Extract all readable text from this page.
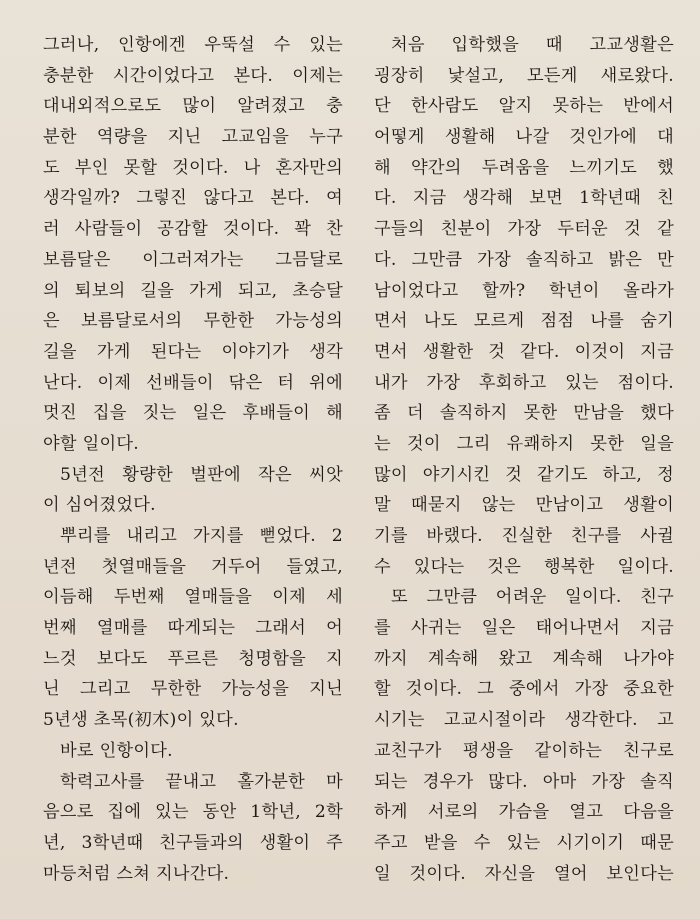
그러나, 인항에겐 우뚝설 수 있는
충분한 시간이었다고 본다. 이제는
대내외적으로도 많이 알려졌고 충
분한 역량을 지닌 고교임을 누구
도 부인 못할 것이다. 나 혼자만의
생각일까? 그렇진 않다고 본다. 여
러 사람들이 공감할 것이다. 꽉 찬
보름달은 이그러져가는 그믐달로
의 퇴보의 길을 가게 되고, 초승달
은 보름달로서의 무한한 가능성의
길을 가게 된다는 이야기가 생각
난다. 이제 선배들이 닦은 터 위에
멋진 집을 짓는 일은 후배들이 해
야할 일이다.
5년전 황량한 벌판에 작은 씨앗
이 심어졌었다.
뿌리를 내리고 가지를 뻗었다. 2
년전 첫열매들을 거두어 들였고,
이듬해 두번째 열매들을 이제 세
번째 열매를 따게되는 그래서 어
느것 보다도 푸르른 청명함을 지
닌 그리고 무한한 가능성을 지닌
5년생 초목(初木)이 있다.
바로 인항이다.
학력고사를 끝내고 홀가분한 마
음으로 집에 있는 동안 1학년, 2학
년, 3학년때 친구들과의 생활이 주
마등처럼 스쳐 지나간다.
처음 입학했을 때 고교생활은
굉장히 낯설고, 모든게 새로왔다.
단 한사람도 알지 못하는 반에서
어떻게 생활해 나갈 것인가에 대
해 약간의 두려움을 느끼기도 했
다. 지금 생각해 보면 1학년때 친
구들의 친분이 가장 두터운 것 같
다. 그만큼 가장 솔직하고 밝은 만
남이었다고 할까? 학년이 올라가
면서 나도 모르게 점점 나를 숨기
면서 생활한 것 같다. 이것이 지금
내가 가장 후회하고 있는 점이다.
좀 더 솔직하지 못한 만남을 했다
는 것이 그리 유쾌하지 못한 일을
많이 야기시킨 것 같기도 하고, 정
말 때묻지 않는 만남이고 생활이
기를 바랬다. 진실한 친구를 사귈
수 있다는 것은 행복한 일이다.
또 그만큼 어려운 일이다. 친구
를 사귀는 일은 태어나면서 지금
까지 계속해 왔고 계속해 나가야
할 것이다. 그 중에서 가장 중요한
시기는 고교시절이라 생각한다. 고
교친구가 평생을 같이하는 친구로
되는 경우가 많다. 아마 가장 솔직
하게 서로의 가슴을 열고 다음을
주고 받을 수 있는 시기이기 때문
일 것이다. 자신을 열어 보인다는
